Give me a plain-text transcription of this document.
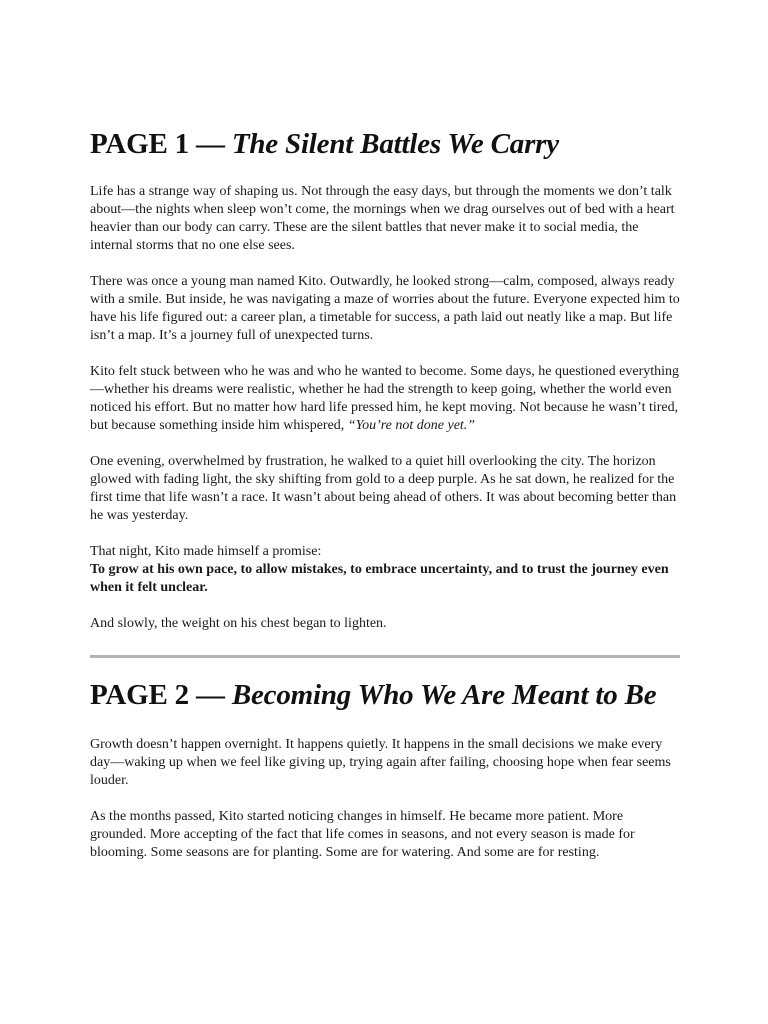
PAGE 1 — The Silent Battles We Carry

Life has a strange way of shaping us. Not through the easy days, but through the moments we don’t talk about—the nights when sleep won’t come, the mornings when we drag ourselves out of bed with a heart heavier than our body can carry. These are the silent battles that never make it to social media, the internal storms that no one else sees.

There was once a young man named Kito. Outwardly, he looked strong—calm, composed, always ready with a smile. But inside, he was navigating a maze of worries about the future. Everyone expected him to have his life figured out: a career plan, a timetable for success, a path laid out neatly like a map. But life isn’t a map. It’s a journey full of unexpected turns.

Kito felt stuck between who he was and who he wanted to become. Some days, he questioned everything—whether his dreams were realistic, whether he had the strength to keep going, whether the world even noticed his effort. But no matter how hard life pressed him, he kept moving. Not because he wasn’t tired, but because something inside him whispered, “You’re not done yet.”

One evening, overwhelmed by frustration, he walked to a quiet hill overlooking the city. The horizon glowed with fading light, the sky shifting from gold to a deep purple. As he sat down, he realized for the first time that life wasn’t a race. It wasn’t about being ahead of others. It was about becoming better than he was yesterday.

That night, Kito made himself a promise:
To grow at his own pace, to allow mistakes, to embrace uncertainty, and to trust the journey even when it felt unclear.

And slowly, the weight on his chest began to lighten.

PAGE 2 — Becoming Who We Are Meant to Be

Growth doesn’t happen overnight. It happens quietly. It happens in the small decisions we make every day—waking up when we feel like giving up, trying again after failing, choosing hope when fear seems louder.

As the months passed, Kito started noticing changes in himself. He became more patient. More grounded. More accepting of the fact that life comes in seasons, and not every season is made for blooming. Some seasons are for planting. Some are for watering. And some are for resting.
